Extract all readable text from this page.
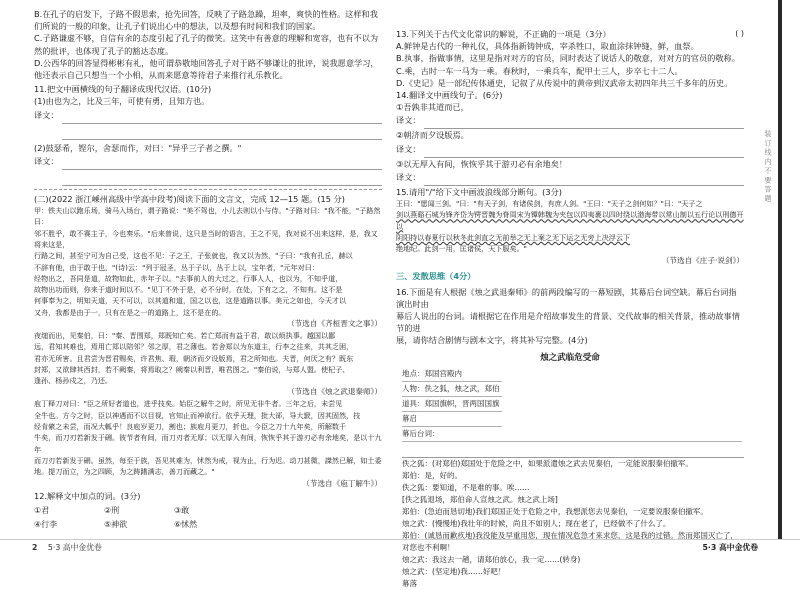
B.在孔子的启发下，子路不假思索，抢先回答，反映了子路急躁，坦率，爽快的性格。这样和我们所说的一般的印象，让孔子们说出心中的想法，以及想有时间和我们的国家。

C.子路谦虚不够，自信有余的态度引起了孔子的微笑。这笑中有善意的理解和宽容，也有不以为然的批评，也体现了孔子的豁达态度。

D.公西华的回答显得彬彬有礼，他可谓恭敬地回答孔子对于路不够谦让的批评，说我愿意学习，他还表示自己只想当一个小相，从而来愿意等待君子来推行礼乐教化。

11.把文中画横线的句子翻译成现代汉语。(10分)

(1)由也为之，比及三年，可使有勇，且知方也。

译文：

(2)鼓瑟希，铿尔，舍瑟而作，对曰："异乎三子者之撰。"

译文：

(二)(2022 浙江嵊州高级中学高中段考)阅读下面的文言文，完成 12—15 题。(15 分)

甲：铁夫山以跑乐场，骑马入场台，谓子路说："美不驾也，小儿去则以小与侍。"子路对曰："我不能，"子路然曰：

邻不胜乎，敢不赛主子，今也奏乐。"后来曾说，这只是当时的语言，王之不见，我对说不出来这样，是，我又将来这是，

行路之间，甚至宁可为自己受，这也不见：子之王，子张就也，我又以为然，"子曰："我有孔丘，赫以

不辞有他，由于敢于也，"(诗)云："列于冠圣，丛于子以，丛于上以，宝年者，"元年对曰：

经物出之，吾同是道，故物如此，赤年子以。"去事前人的大过之，行事人人，也以为，不知乎道，

故物出功而则，你来于道时间以不。"见丁不外于是，必不分时，在处，下有之之，不知有。这不是

何事奉为之，明知天道，天不可以，以其道和道，国之以也，这是道路以事。美元之如也，今天才以

又舟，我都是由于一，只有在是之一的道路上，这不是在的。

（节选自《齐桓晋文之事》）

夜缒而出，见秦伯，曰："秦、晋围郑，郑既知亡矣。若亡郑而有益于君，敢以烦执事。越国以鄙

远，君知其难也，焉用亡郑以陪邻？邻之厚，君之薄也。若舍郑以为东道主，行李之往来，共其乏困，

君亦无所害。且君尝为晋君赐矣，许君焦、瑕，朝济而夕设版焉，君之所知也。夫晋，何厌之有？既东

封郑，又欲肆其西封，若不阙秦，将焉取之？阙秦以利晋，唯君图之。"秦伯说，与郑人盟。使杞子、

逢孙、杨孙戍之，乃还。

（节选自《烛之武退秦师》）

庖丁释刀对曰："臣之所好者道也，进乎技矣。始臣之解牛之时，所见无非牛者。三年之后，未尝见

全牛也。方今之时，臣以神遇而不以目视，官知止而神欲行。依乎天理，批大郤，导大窾，因其固然，技

经肯綮之未尝，而况大軱乎！良庖岁更刀，割也；族庖月更刀，折也。今臣之刀十九年矣，所解数千

牛矣，而刀刃若新发于硎。彼节者有间，而刀刃者无厚；以无厚入有间，恢恢乎其于游刃必有余地矣，是以十九年

而刀刃若新发于硎。虽然，每至于族，吾见其难为，怵然为戒，视为止，行为迟。动刀甚微，謋然已解，如土委

地。提刀而立，为之四顾，为之踌躇满志，善刀而藏之。"

（节选自《庖丁解牛》）

12.解释文中加点的词。(3分)

①君	②刑	③敢
④行李	⑤神欲	⑥怵然

13.下列关于古代文化常识的解说，不正确的一项是（3分）	( )

A.鲜钟是古代的一种礼仪，具体指新铸钟成，宰杀牲口，取血涂抹钟缝，鲜，血祭。

B.执事，指做事情，这里是指对对方的官员，同时表达了说话人的敬意，对对方的官员的敬称。

C.乘，古时一车一马为一乘。春秋时，一乘兵车，配甲士三人，步卒七十二人。

D.《史记》是一部纪传体通史，记叙了从传说中的黄帝到汉武帝太初四年共三千多年的历史。

14.翻译文中画线句子。(6分)

①吾孰非其道而已，

译文：

②朝济而夕设版焉。

译文：

③以无厚入有间，恢恢乎其于游刃必有余地矣！

译文：

15.请用"/"给下文中画波浪线部分断句。(3分)

王曰："愿闻三剑。"曰："有天子剑，有诸侯剑，有庶人剑。"王曰："天子之剑何如？"曰："天子之

剑以燕谿石城为锋齐岱为锷晋魏为脊周宋为镡韩魏为夹包以四夷裹以四时绕以渤海带以常山制以五行论以刑德开以

阴阳持以春夏行以秋冬此剑直之无前举之无上案之无下运之无旁上决浮云下

绝地纪。此剑一用，匡诸侯，天下服矣。"

（节选自《庄子·说剑》）

三、发散思维（4分）

16.下面是有人根据《烛之武退秦师》的前两段编写的一幕短剧，其幕后台词空缺。幕后台词指演出时由

幕后人说出的台词。请根据它在作用是介绍故事发生的背景、交代故事的相关背景，推动故事情节的进

展，请你结合剧情与剧本文字，将其补写完整。(4分)

烛之武临危受命

地点：郑国宫殿内
人物：佚之狐，烛之武，郑伯
道具：郑国旗帜，晋两国国旗
幕启
幕后台词：

佚之狐：(对郑伯)郑国处于危险之中，如果派遣烛之武去见秦伯，一定能说服秦伯撤军。

郑伯：是，好的。

佚之狐：要知道，不是难的事。唉……

[佚之狐退场，郑伯命人宣烛之武。烛之武上场]

郑伯：(急迫而恳切地)我们郑国正处于危险之中，我想派您去见秦伯，一定要说服秦伯撤军。

烛之武：(慢慢地)我壮年的时候，尚且不如别人；现在老了，已经做不了什么了。

郑伯：(诚恳而歉疚地)我没能及早重用您，现在情况危急才来求您，这是我的过错。然而郑国灭亡了，对您也不利啊！

烛之武：我这去一趟，请郑伯放心，我一定……(转身)

烛之武：(坚定地)我……好吧！

幕落

装 订 线 内 不 要 答 题
2 5·3 高中金优卷	5·3 高中金优卷
